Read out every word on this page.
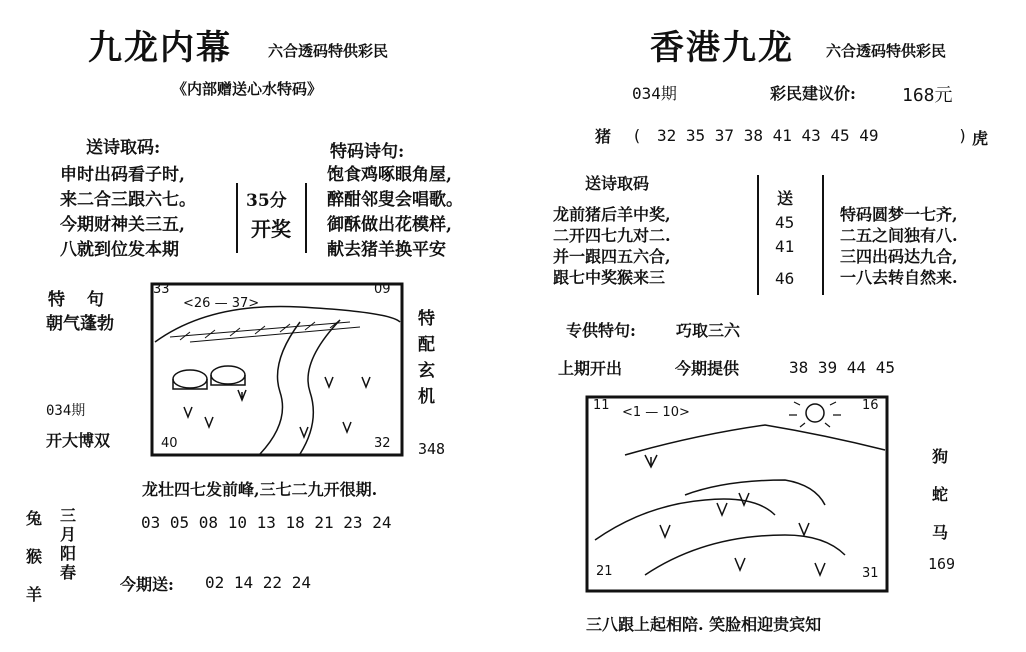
九龙内幕 六合透码特供彩民
《内部赠送心水特码》
送诗取码:
申时出码看子时,
来二合三跟六七。
今期财神关三五,
八就到位发本期
35分
开奖
特码诗句:
饱食鸡啄眼角屋,
醉酣邻叟会唱歌。
御酥做出花模样,
献去猪羊换平安
特 句
朝气蓬勃
034期
开大博双
33	09
<26 — 37>
40	32
特配玄机
348
龙壮四七发前峰,三七二九开很期.
兔
猴
羊
三月阳春
03 05 08 10 13 18 21 23 24
今期送: 02 14 22 24
香港九龙 六合透码特供彩民
034期	彩民建议价:	168元
猪 ( 32 35 37 38 41 43 45 49	) 虎
送诗取码
龙前猪后羊中奖,
二开四七九对二.
并一跟四五六合,
跟七中奖猴来三
送
45
41
46
特码圆梦一七齐,
二五之间独有八.
三四出码达九合,
一八去转自然来.
专供特句:	巧取三六
上期开出	今期提供	38 39 44 45
11	16
<1 — 10>
21	31
狗
蛇
马
169
三八跟上起相陪. 笑脸相迎贵宾知
